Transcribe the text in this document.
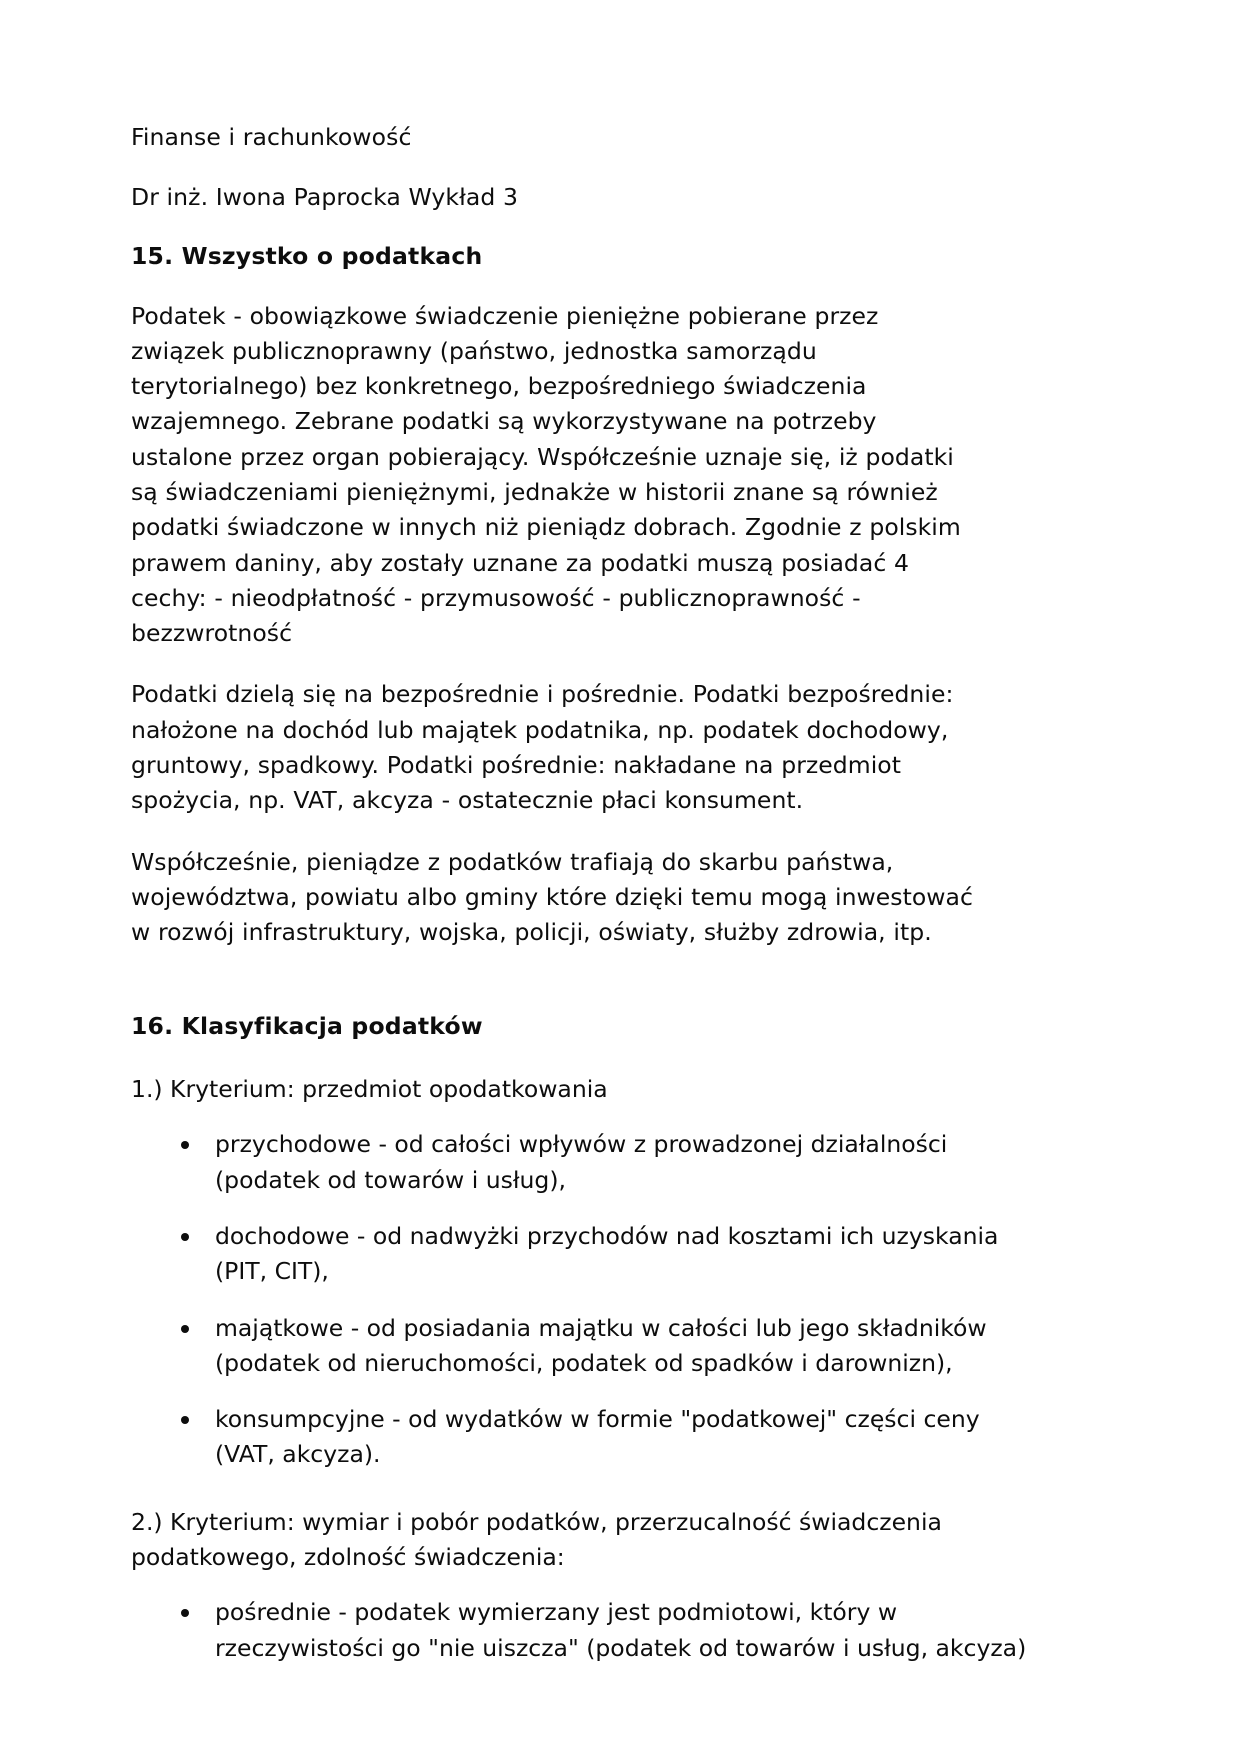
Finanse i rachunkowość
Dr inż. Iwona Paprocka Wykład 3
15. Wszystko o podatkach

Podatek - obowiązkowe świadczenie pieniężne pobierane przez związek publicznoprawny (państwo, jednostka samorządu terytorialnego) bez konkretnego, bezpośredniego świadczenia wzajemnego. Zebrane podatki są wykorzystywane na potrzeby ustalone przez organ pobierający. Współcześnie uznaje się, iż podatki są świadczeniami pieniężnymi, jednakże w historii znane są również podatki świadczone w innych niż pieniądz dobrach. Zgodnie z polskim prawem daniny, aby zostały uznane za podatki muszą posiadać 4 cechy: - nieodpłatność - przymusowość - publicznoprawność - bezzwrotność

Podatki dzielą się na bezpośrednie i pośrednie. Podatki bezpośrednie: nałożone na dochód lub majątek podatnika, np. podatek dochodowy, gruntowy, spadkowy. Podatki pośrednie: nakładane na przedmiot spożycia, np. VAT, akcyza - ostatecznie płaci konsument.

Współcześnie, pieniądze z podatków trafiają do skarbu państwa, województwa, powiatu albo gminy które dzięki temu mogą inwestować w rozwój infrastruktury, wojska, policji, oświaty, służby zdrowia, itp.

16. Klasyfikacja podatków

1.) Kryterium: przedmiot opodatkowania

przychodowe - od całości wpływów z prowadzonej działalności (podatek od towarów i usług),
dochodowe - od nadwyżki przychodów nad kosztami ich uzyskania (PIT, CIT),
majątkowe - od posiadania majątku w całości lub jego składników (podatek od nieruchomości, podatek od spadków i darownizn),
konsumpcyjne - od wydatków w formie "podatkowej" części ceny (VAT, akcyza).

2.) Kryterium: wymiar i pobór podatków, przerzucalność świadczenia podatkowego, zdolność świadczenia:

pośrednie - podatek wymierzany jest podmiotowi, który w rzeczywistości go "nie uiszcza" (podatek od towarów i usług, akcyza)
